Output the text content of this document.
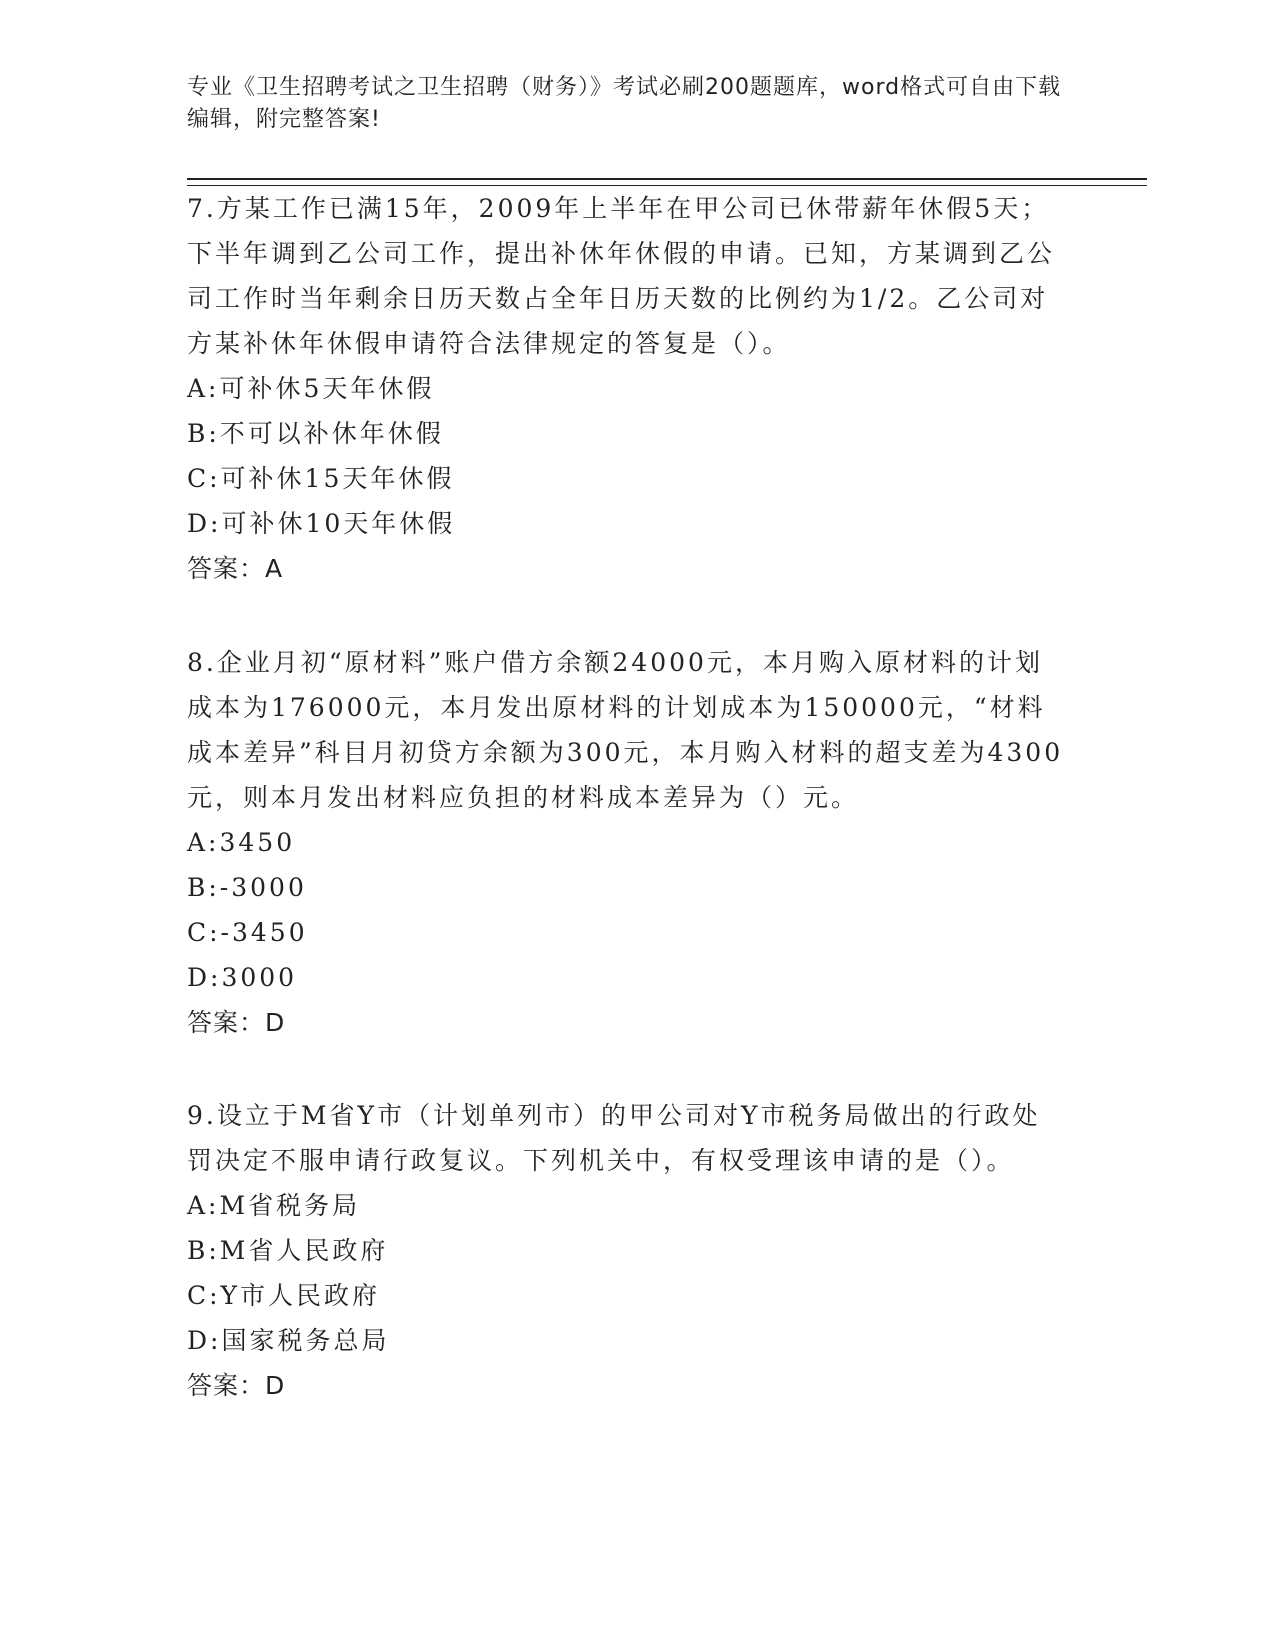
专业《卫生招聘考试之卫生招聘（财务）》考试必刷200题题库，word格式可自由下载编辑，附完整答案!

7.方某工作已满15年，2009年上半年在甲公司已休带薪年休假5天；下半年调到乙公司工作，提出补休年休假的申请。已知，方某调到乙公司工作时当年剩余日历天数占全年日历天数的比例约为1/2。乙公司对方某补休年休假申请符合法律规定的答复是（）。

A:可补休5天年休假

B:不可以补休年休假

C:可补休15天年休假

D:可补休10天年休假

答案：A

8.企业月初“原材料”账户借方余额24000元，本月购入原材料的计划成本为176000元，本月发出原材料的计划成本为150000元，“材料成本差异”科目月初贷方余额为300元，本月购入材料的超支差为4300元，则本月发出材料应负担的材料成本差异为（）元。

A:3450

B:-3000

C:-3450

D:3000

答案：D

9.设立于M省Y市（计划单列市）的甲公司对Y市税务局做出的行政处罚决定不服申请行政复议。下列机关中，有权受理该申请的是（）。

A:M省税务局

B:M省人民政府

C:Y市人民政府

D:国家税务总局

答案：D
